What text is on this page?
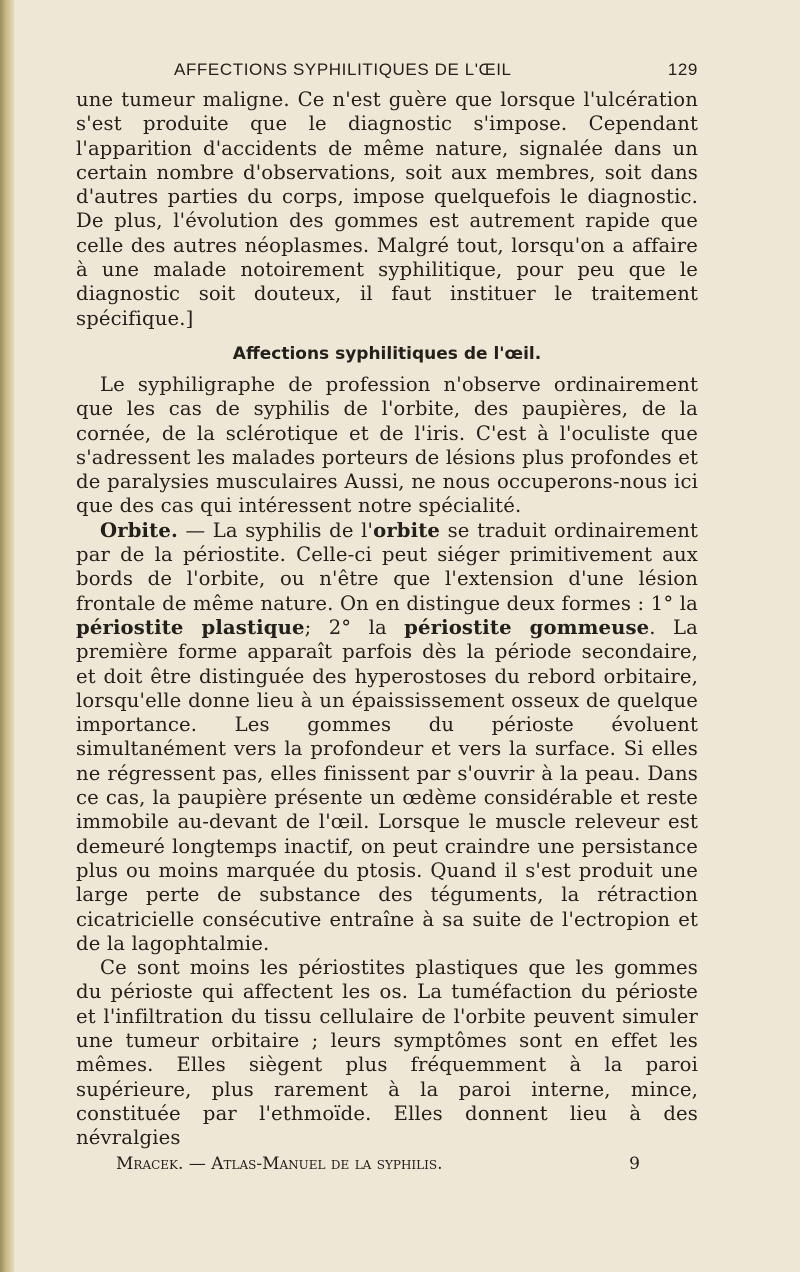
AFFECTIONS SYPHILITIQUES DE L'ŒIL	129

une tumeur maligne. Ce n'est guère que lorsque l'ulcération s'est produite que le diagnostic s'impose. Cependant l'apparition d'accidents de même nature, signalée dans un certain nombre d'observations, soit aux membres, soit dans d'autres parties du corps, impose quelquefois le diagnostic. De plus, l'évolution des gommes est autrement rapide que celle des autres néoplasmes. Malgré tout, lorsqu'on a affaire à une malade notoirement syphilitique, pour peu que le diagnostic soit douteux, il faut instituer le traitement spécifique.]

Affections syphilitiques de l'œil.

Le syphiligraphe de profession n'observe ordinairement que les cas de syphilis de l'orbite, des paupières, de la cornée, de la sclérotique et de l'iris. C'est à l'oculiste que s'adressent les malades porteurs de lésions plus profondes et de paralysies musculaires Aussi, ne nous occuperons-nous ici que des cas qui intéressent notre spécialité.

Orbite. — La syphilis de l'orbite se traduit ordinairement par de la périostite. Celle-ci peut siéger primitivement aux bords de l'orbite, ou n'être que l'extension d'une lésion frontale de même nature. On en distingue deux formes : 1° la périostite plastique; 2° la périostite gommeuse. La première forme apparaît parfois dès la période secondaire, et doit être distinguée des hyperostoses du rebord orbitaire, lorsqu'elle donne lieu à un épaississement osseux de quelque importance. Les gommes du périoste évoluent simultanément vers la profondeur et vers la surface. Si elles ne régressent pas, elles finissent par s'ouvrir à la peau. Dans ce cas, la paupière présente un œdème considérable et reste immobile au-devant de l'œil. Lorsque le muscle releveur est demeuré longtemps inactif, on peut craindre une persistance plus ou moins marquée du ptosis. Quand il s'est produit une large perte de substance des téguments, la rétraction cicatricielle consécutive entraîne à sa suite de l'ectropion et de la lagophtalmie.

Ce sont moins les périostites plastiques que les gommes du périoste qui affectent les os. La tuméfaction du périoste et l'infiltration du tissu cellulaire de l'orbite peuvent simuler une tumeur orbitaire ; leurs symptômes sont en effet les mêmes. Elles siègent plus fréquemment à la paroi supérieure, plus rarement à la paroi interne, mince, constituée par l'ethmoïde. Elles donnent lieu à des névralgies

Mracek. — Atlas-Manuel de la syphilis.	9
